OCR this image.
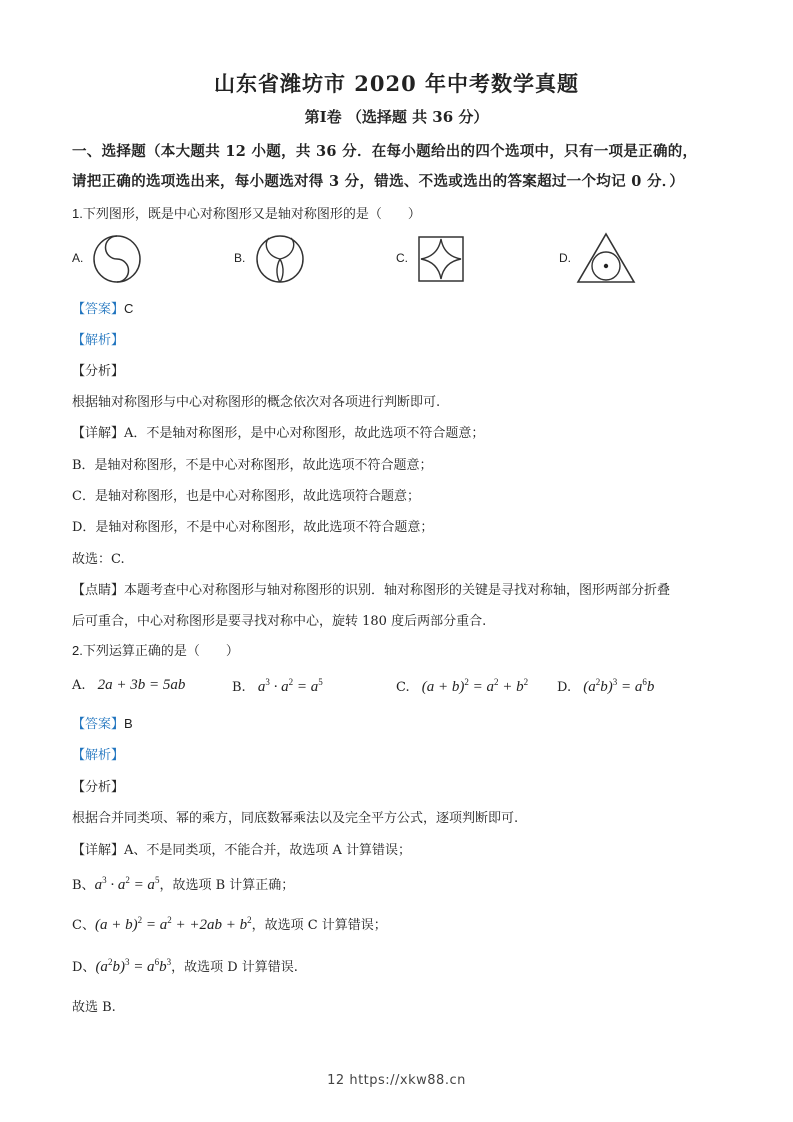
山东省潍坊市 2020 年中考数学真题
第Ⅰ卷 （选择题 共 36 分）
一、选择题（本大题共 12 小题，共 36 分．在每小题给出的四个选项中，只有一项是正确的，
请把正确的选项选出来，每小题选对得 3 分，错选、不选或选出的答案超过一个均记 0 分．）
1.下列图形，既是中心对称图形又是轴对称图形的是（　　）
A.	B.	C.	D.
【答案】C
【解析】
【分析】
根据轴对称图形与中心对称图形的概念依次对各项进行判断即可.
【详解】A．不是轴对称图形，是中心对称图形，故此选项不符合题意；
B．是轴对称图形，不是中心对称图形，故此选项不符合题意；
C．是轴对称图形，也是中心对称图形，故此选项符合题意；
D．是轴对称图形，不是中心对称图形，故此选项不符合题意；
故选：C.
【点睛】本题考查中心对称图形与轴对称图形的识别．轴对称图形的关键是寻找对称轴，图形两部分折叠
后可重合，中心对称图形是要寻找对称中心，旋转 180 度后两部分重合.
2.下列运算正确的是（　　）
A. 2a + 3b = 5ab	B. $a^3 \cdot a^2 = a^5$	C. $(a + b)^2 = a^2 + b^2$ D. $(a^2b)^3 = a^6b$
【答案】B
【解析】
【分析】
根据合并同类项、幂的乘方，同底数幂乘法以及完全平方公式，逐项判断即可.
【详解】A、不是同类项，不能合并，故选项 A 计算错误；
B、$a^3 \cdot a^2 = a^5$，故选项 B 计算正确；
C、$(a + b)^2 = a^2 + +2ab + b^2$，故选项 C 计算错误；
D、$(a^2b)^3 = a^6b^3$，故选项 D 计算错误.
故选 B.
12 https://xkw88.cn
